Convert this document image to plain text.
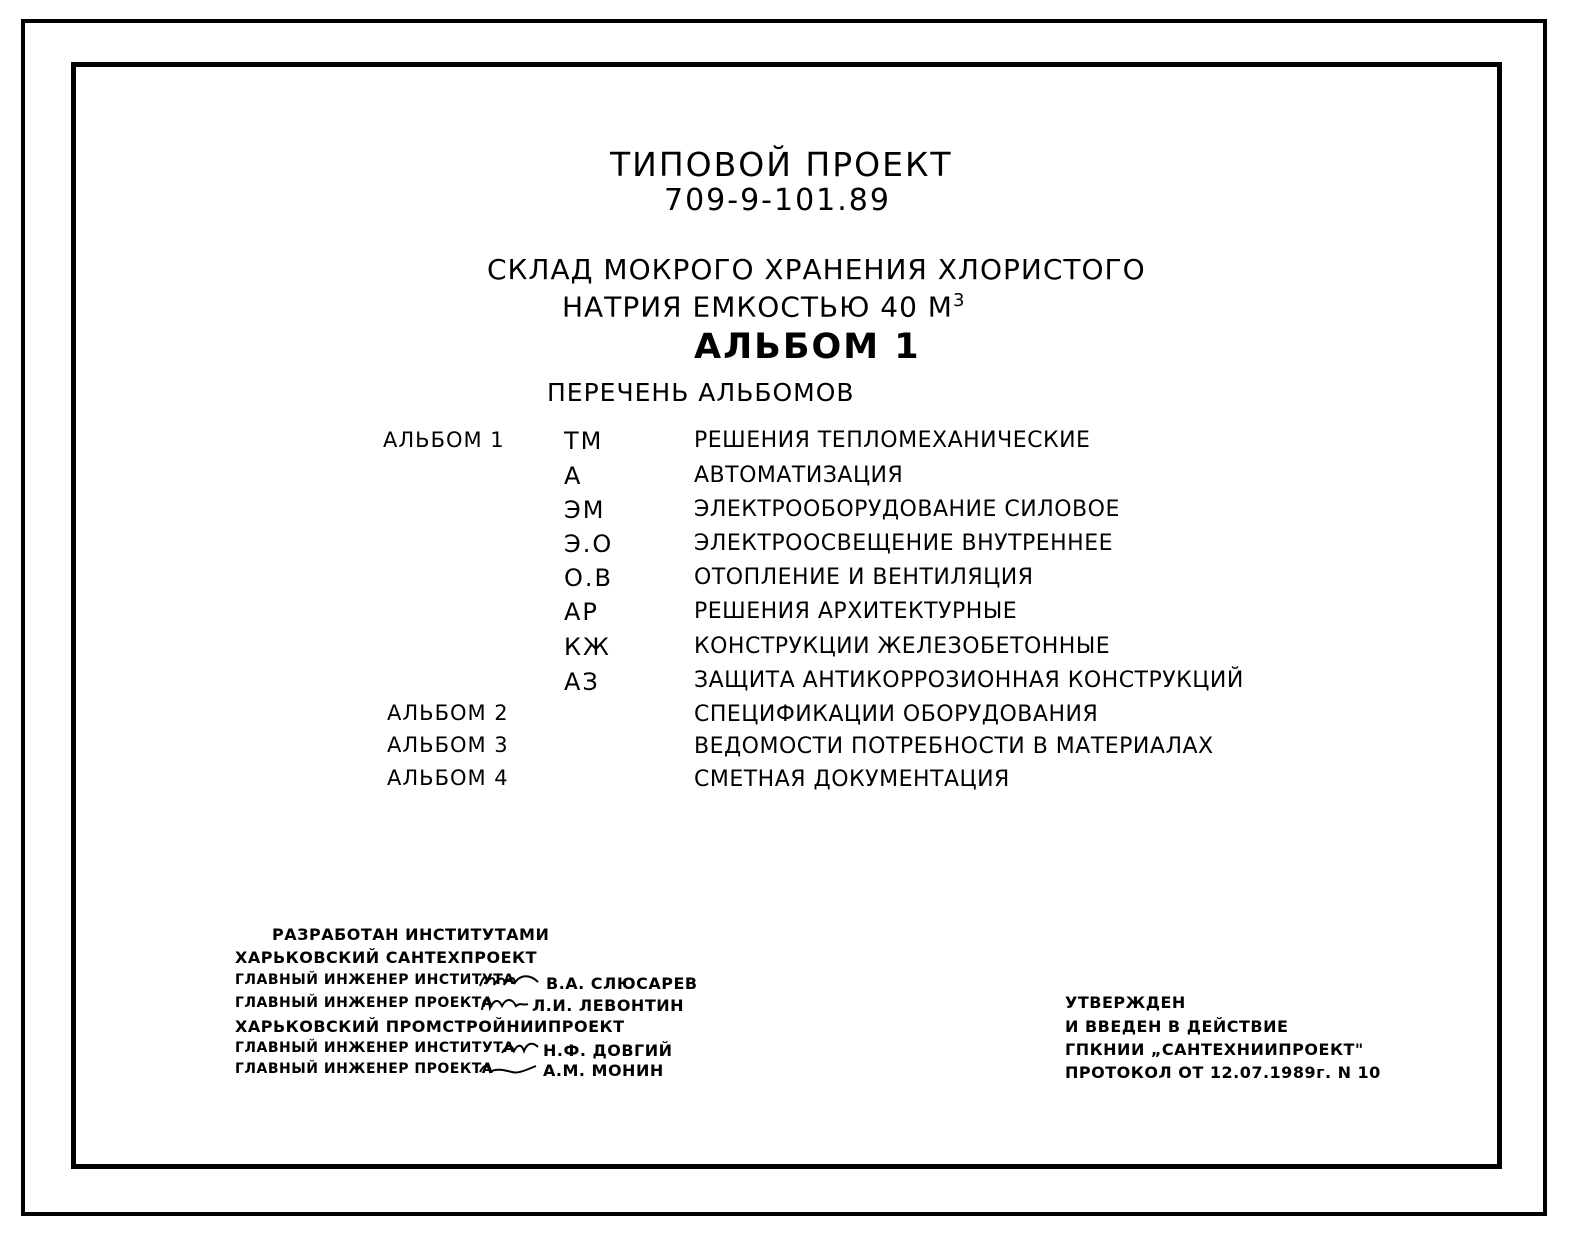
ТИПОВОЙ ПРОЕКТ
709-9-101.89
СКЛАД МОКРОГО ХРАНЕНИЯ ХЛОРИСТОГО
НАТРИЯ ЕМКОСТЬЮ 40 $М^3$
АЛЬБОМ 1
ПЕРЕЧЕНЬ АЛЬБОМОВ
АЛЬБОМ 1 ТМ	РЕШЕНИЯ ТЕПЛОМЕХАНИЧЕСКИЕ
А	АВТОМАТИЗАЦИЯ
ЭМ	ЭЛЕКТРООБОРУДОВАНИЕ СИЛОВОЕ
Э.О	ЭЛЕКТРООСВЕЩЕНИЕ ВНУТРЕННЕЕ
О.В	ОТОПЛЕНИЕ И ВЕНТИЛЯЦИЯ
АР	РЕШЕНИЯ АРХИТЕКТУРНЫЕ
КЖ	КОНСТРУКЦИИ ЖЕЛЕЗОБЕТОННЫЕ
АЗ	ЗАЩИТА АНТИКОРРОЗИОННАЯ КОНСТРУКЦИЙ
АЛЬБОМ 2	СПЕЦИФИКАЦИИ ОБОРУДОВАНИЯ
АЛЬБОМ 3	ВЕДОМОСТИ ПОТРЕБНОСТИ В МАТЕРИАЛАХ
АЛЬБОМ 4	СМЕТНАЯ ДОКУМЕНТАЦИЯ
РАЗРАБОТАН ИНСТИТУТАМИ
ХАРЬКОВСКИЙ САНТЕХПРОЕКТ
ГЛАВНЫЙ ИНЖЕНЕР ИНСТИТУТА В.А. СЛЮСАРЕВ
ГЛАВНЫЙ ИНЖЕНЕР ПРОЕКТА Л.И. ЛЕВОНТИН
ХАРЬКОВСКИЙ ПРОМСТРОЙНИИПРОЕКТ
ГЛАВНЫЙ ИНЖЕНЕР ИНСТИТУТА Н.Ф. ДОВГИЙ
ГЛАВНЫЙ ИНЖЕНЕР ПРОЕКТА	А.М. МОНИН
УТВЕРЖДЕН
И ВВЕДЕН В ДЕЙСТВИЕ
ГПКНИИ „САНТЕХНИИПРОЕКТ"
ПРОТОКОЛ ОТ 12.07.1989г. N 10
